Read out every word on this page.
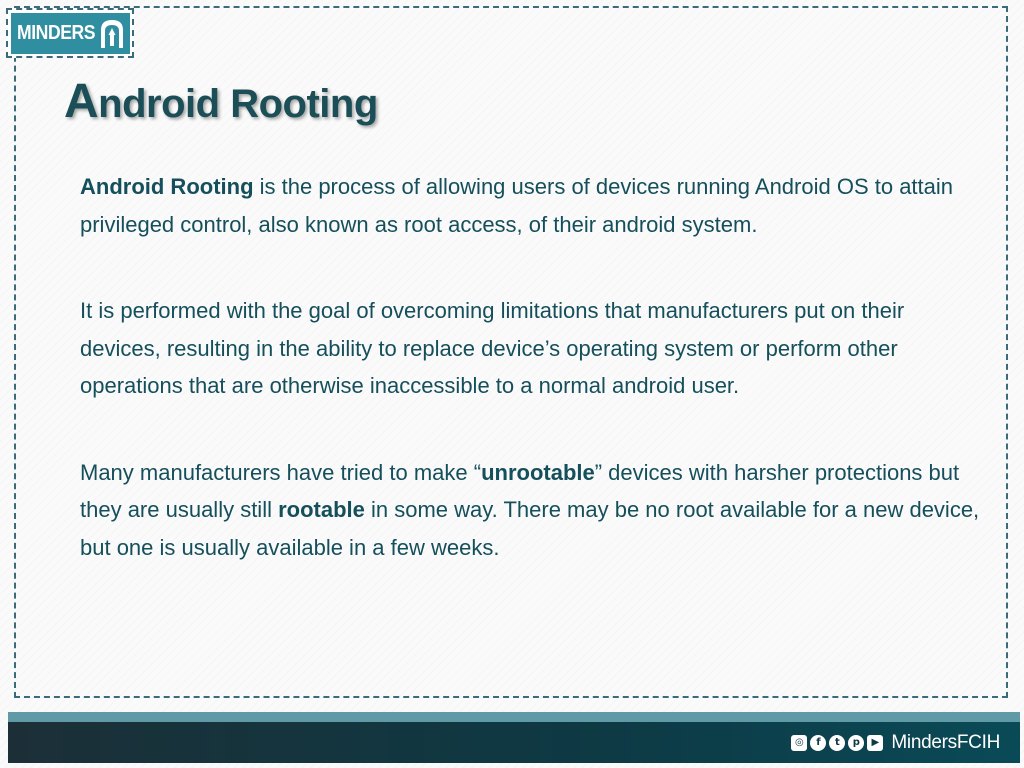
MINDERS
Android Rooting

Android Rooting is the process of allowing users of devices running Android OS to attain privileged control, also known as root access, of their android system.

It is performed with the goal of overcoming limitations that manufacturers put on their devices, resulting in the ability to replace device’s operating system or perform other operations that are otherwise inaccessible to a normal android user.

Many manufacturers have tried to make “unrootable” devices with harsher protections but they are usually still rootable in some way. There may be no root available for a new device, but one is usually available in a few weeks.

◎	f	t	p	▶ MindersFCIH
